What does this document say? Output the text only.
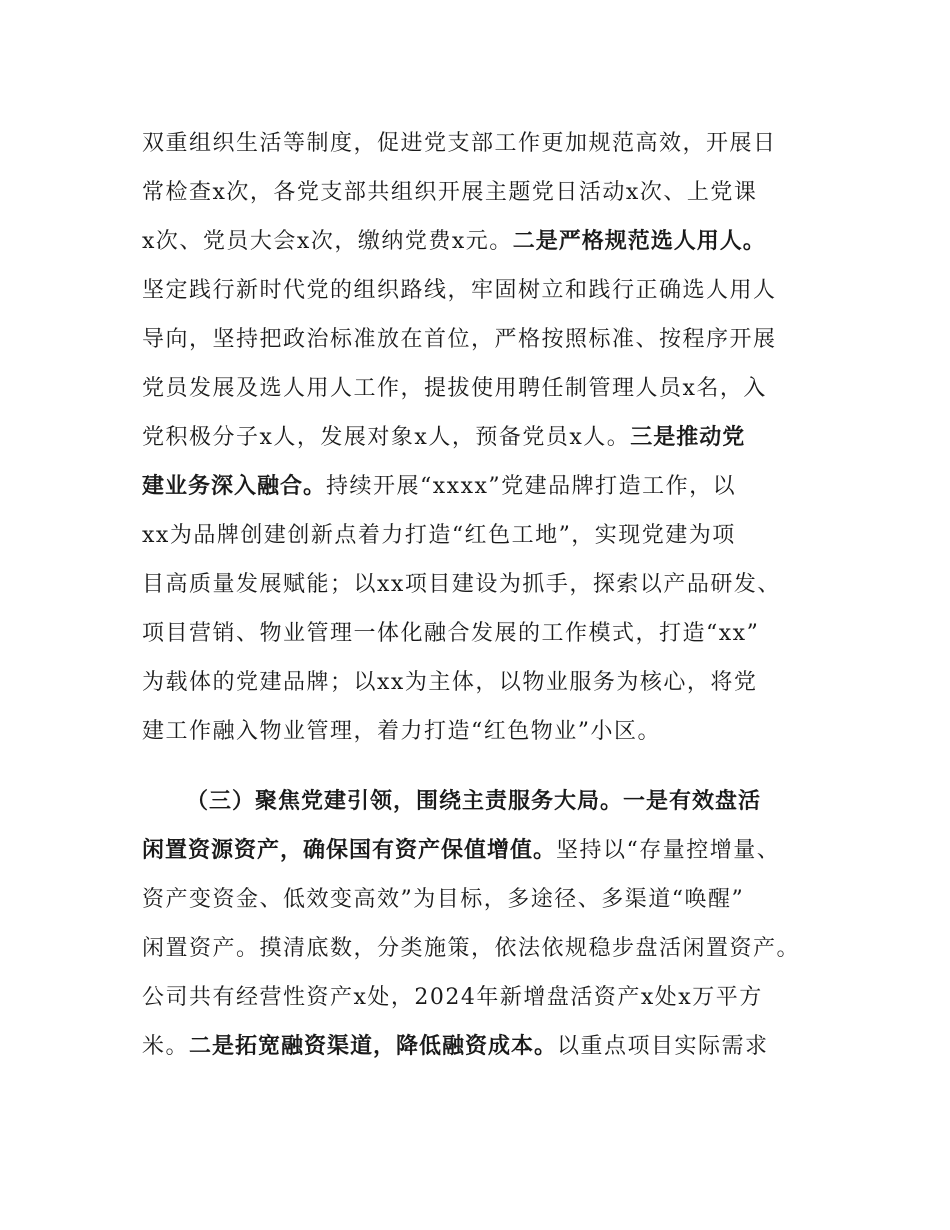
双重组织生活等制度，促进党支部工作更加规范高效，开展日
常检查x次，各党支部共组织开展主题党日活动x次、上党课
x次、党员大会x次，缴纳党费x元。二是严格规范选人用人。
坚定践行新时代党的组织路线，牢固树立和践行正确选人用人
导向，坚持把政治标准放在首位，严格按照标准、按程序开展
党员发展及选人用人工作，提拔使用聘任制管理人员x名，入
党积极分子x人，发展对象x人，预备党员x人。三是推动党
建业务深入融合。持续开展“xxxx”党建品牌打造工作，以
xx为品牌创建创新点着力打造“红色工地”，实现党建为项
目高质量发展赋能；以xx项目建设为抓手，探索以产品研发、
项目营销、物业管理一体化融合发展的工作模式，打造“xx”
为载体的党建品牌；以xx为主体，以物业服务为核心，将党
建工作融入物业管理，着力打造“红色物业”小区。
（三）聚焦党建引领，围绕主责服务大局。一是有效盘活
闲置资源资产，确保国有资产保值增值。坚持以“存量控增量、
资产变资金、低效变高效”为目标，多途径、多渠道“唤醒”
闲置资产。摸清底数，分类施策，依法依规稳步盘活闲置资产。
公司共有经营性资产x处，2024年新增盘活资产x处x万平方
米。二是拓宽融资渠道，降低融资成本。以重点项目实际需求
